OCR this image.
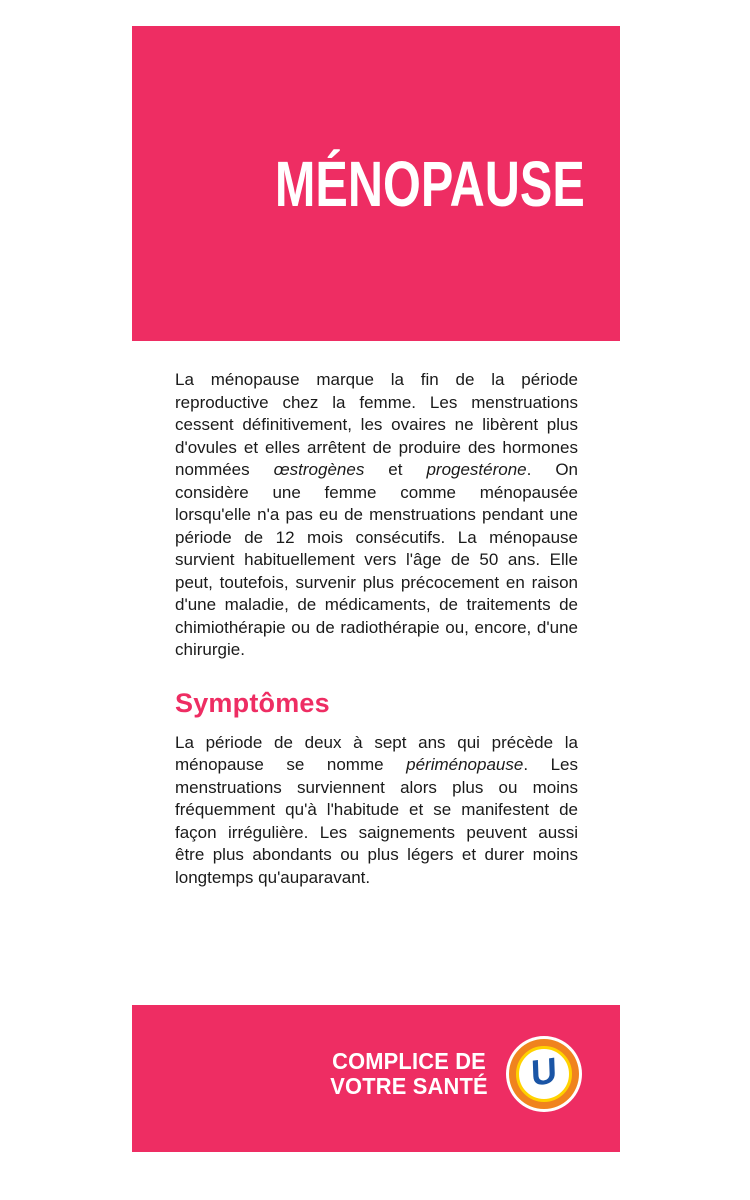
MÉNOPAUSE

La ménopause marque la fin de la période reproductive chez la femme. Les menstruations cessent définitivement, les ovaires ne libèrent plus d'ovules et elles arrêtent de produire des hormones nommées œstrogènes et progestérone. On considère une femme comme ménopausée lorsqu'elle n'a pas eu de menstruations pendant une période de 12 mois consécutifs. La ménopause survient habituellement vers l'âge de 50 ans. Elle peut, toutefois, survenir plus précocement en raison d'une maladie, de médicaments, de traitements de chimiothérapie ou de radiothérapie ou, encore, d'une chirurgie.

Symptômes

La période de deux à sept ans qui précède la ménopause se nomme périménopause. Les menstruations surviennent alors plus ou moins fréquemment qu'à l'habitude et se manifestent de façon irrégulière. Les saignements peuvent aussi être plus abondants ou plus légers et durer moins longtemps qu'auparavant.

COMPLICE DE
VOTRE SANTÉ U
